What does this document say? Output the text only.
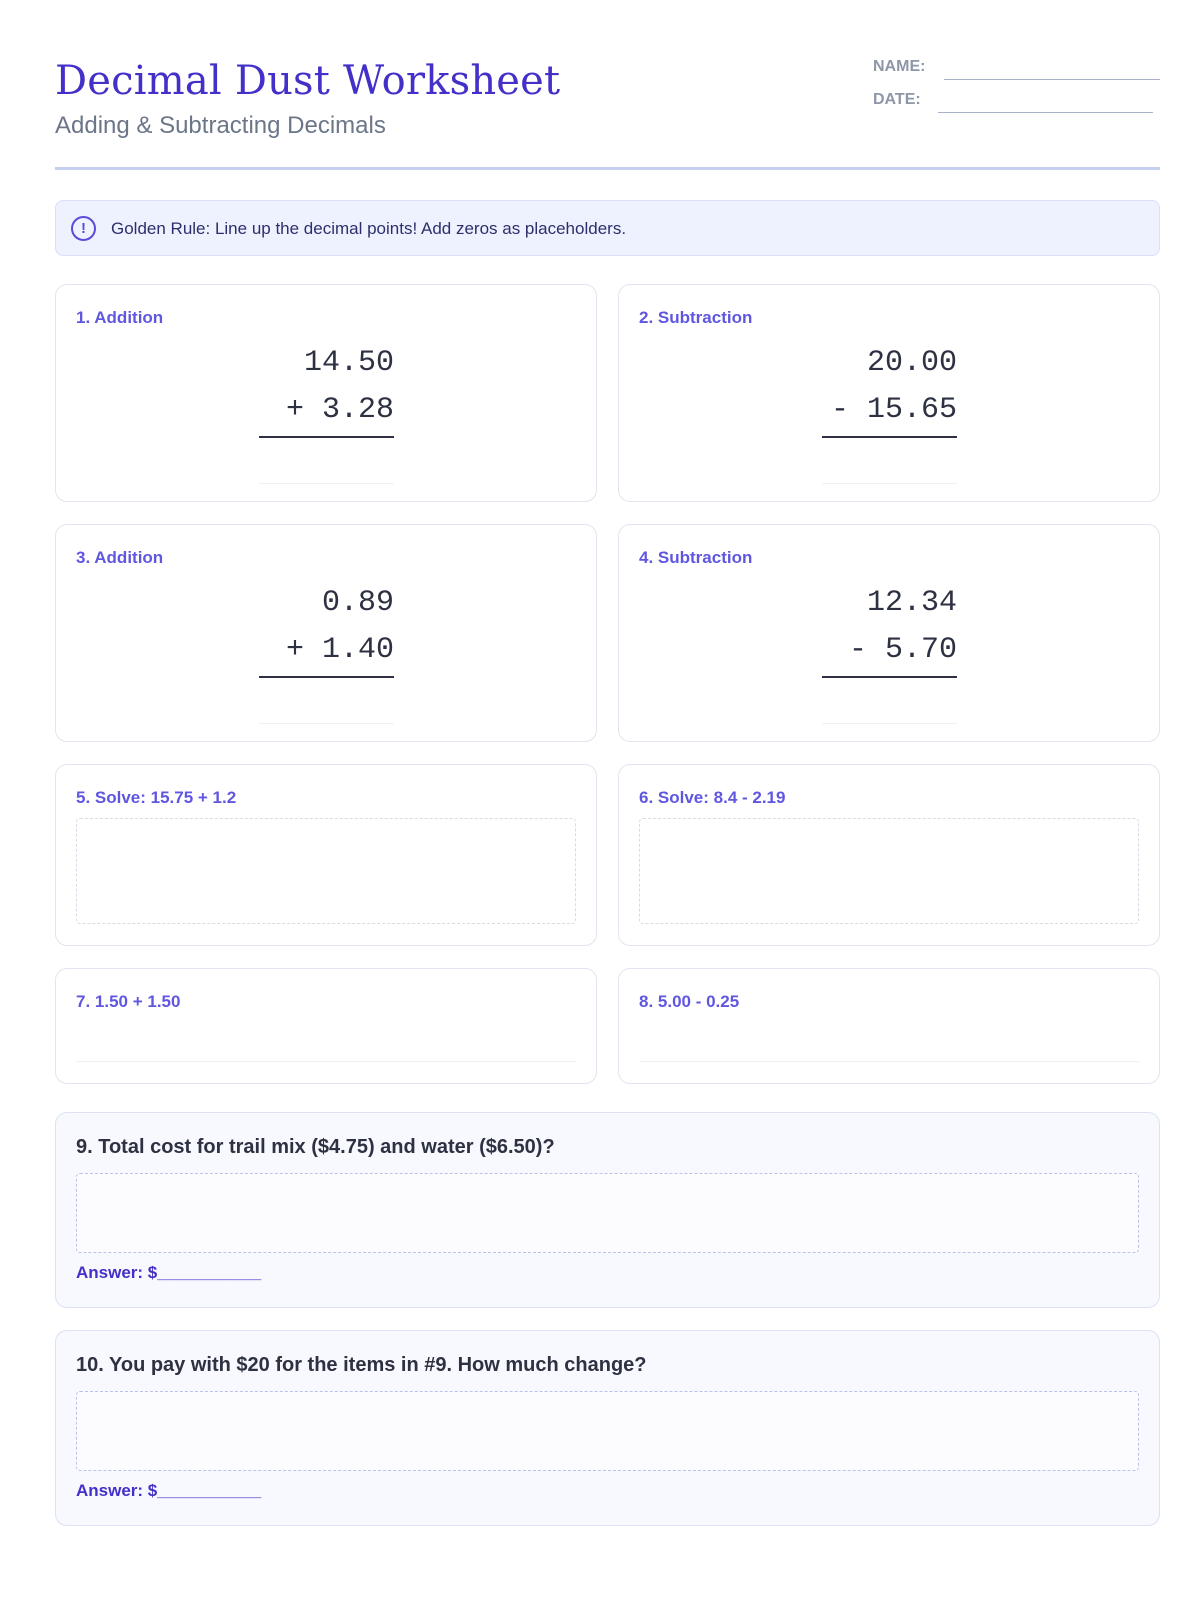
Decimal Dust Worksheet
Adding & Subtracting Decimals
NAME:
DATE:
!	Golden Rule: Line up the decimal points! Add zeros as placeholders.
1. Addition
14.50
+ 3.28
2. Subtraction
20.00
- 15.65
3. Addition
0.89
+ 1.40
4. Subtraction
12.34
- 5.70
5. Solve: 15.75 + 1.2	6. Solve: 8.4 - 2.19
7. 1.50 + 1.50	8. 5.00 - 0.25
9. Total cost for trail mix ($4.75) and water ($6.50)?
Answer: $___________
10. You pay with $20 for the items in #9. How much change?
Answer: $___________
